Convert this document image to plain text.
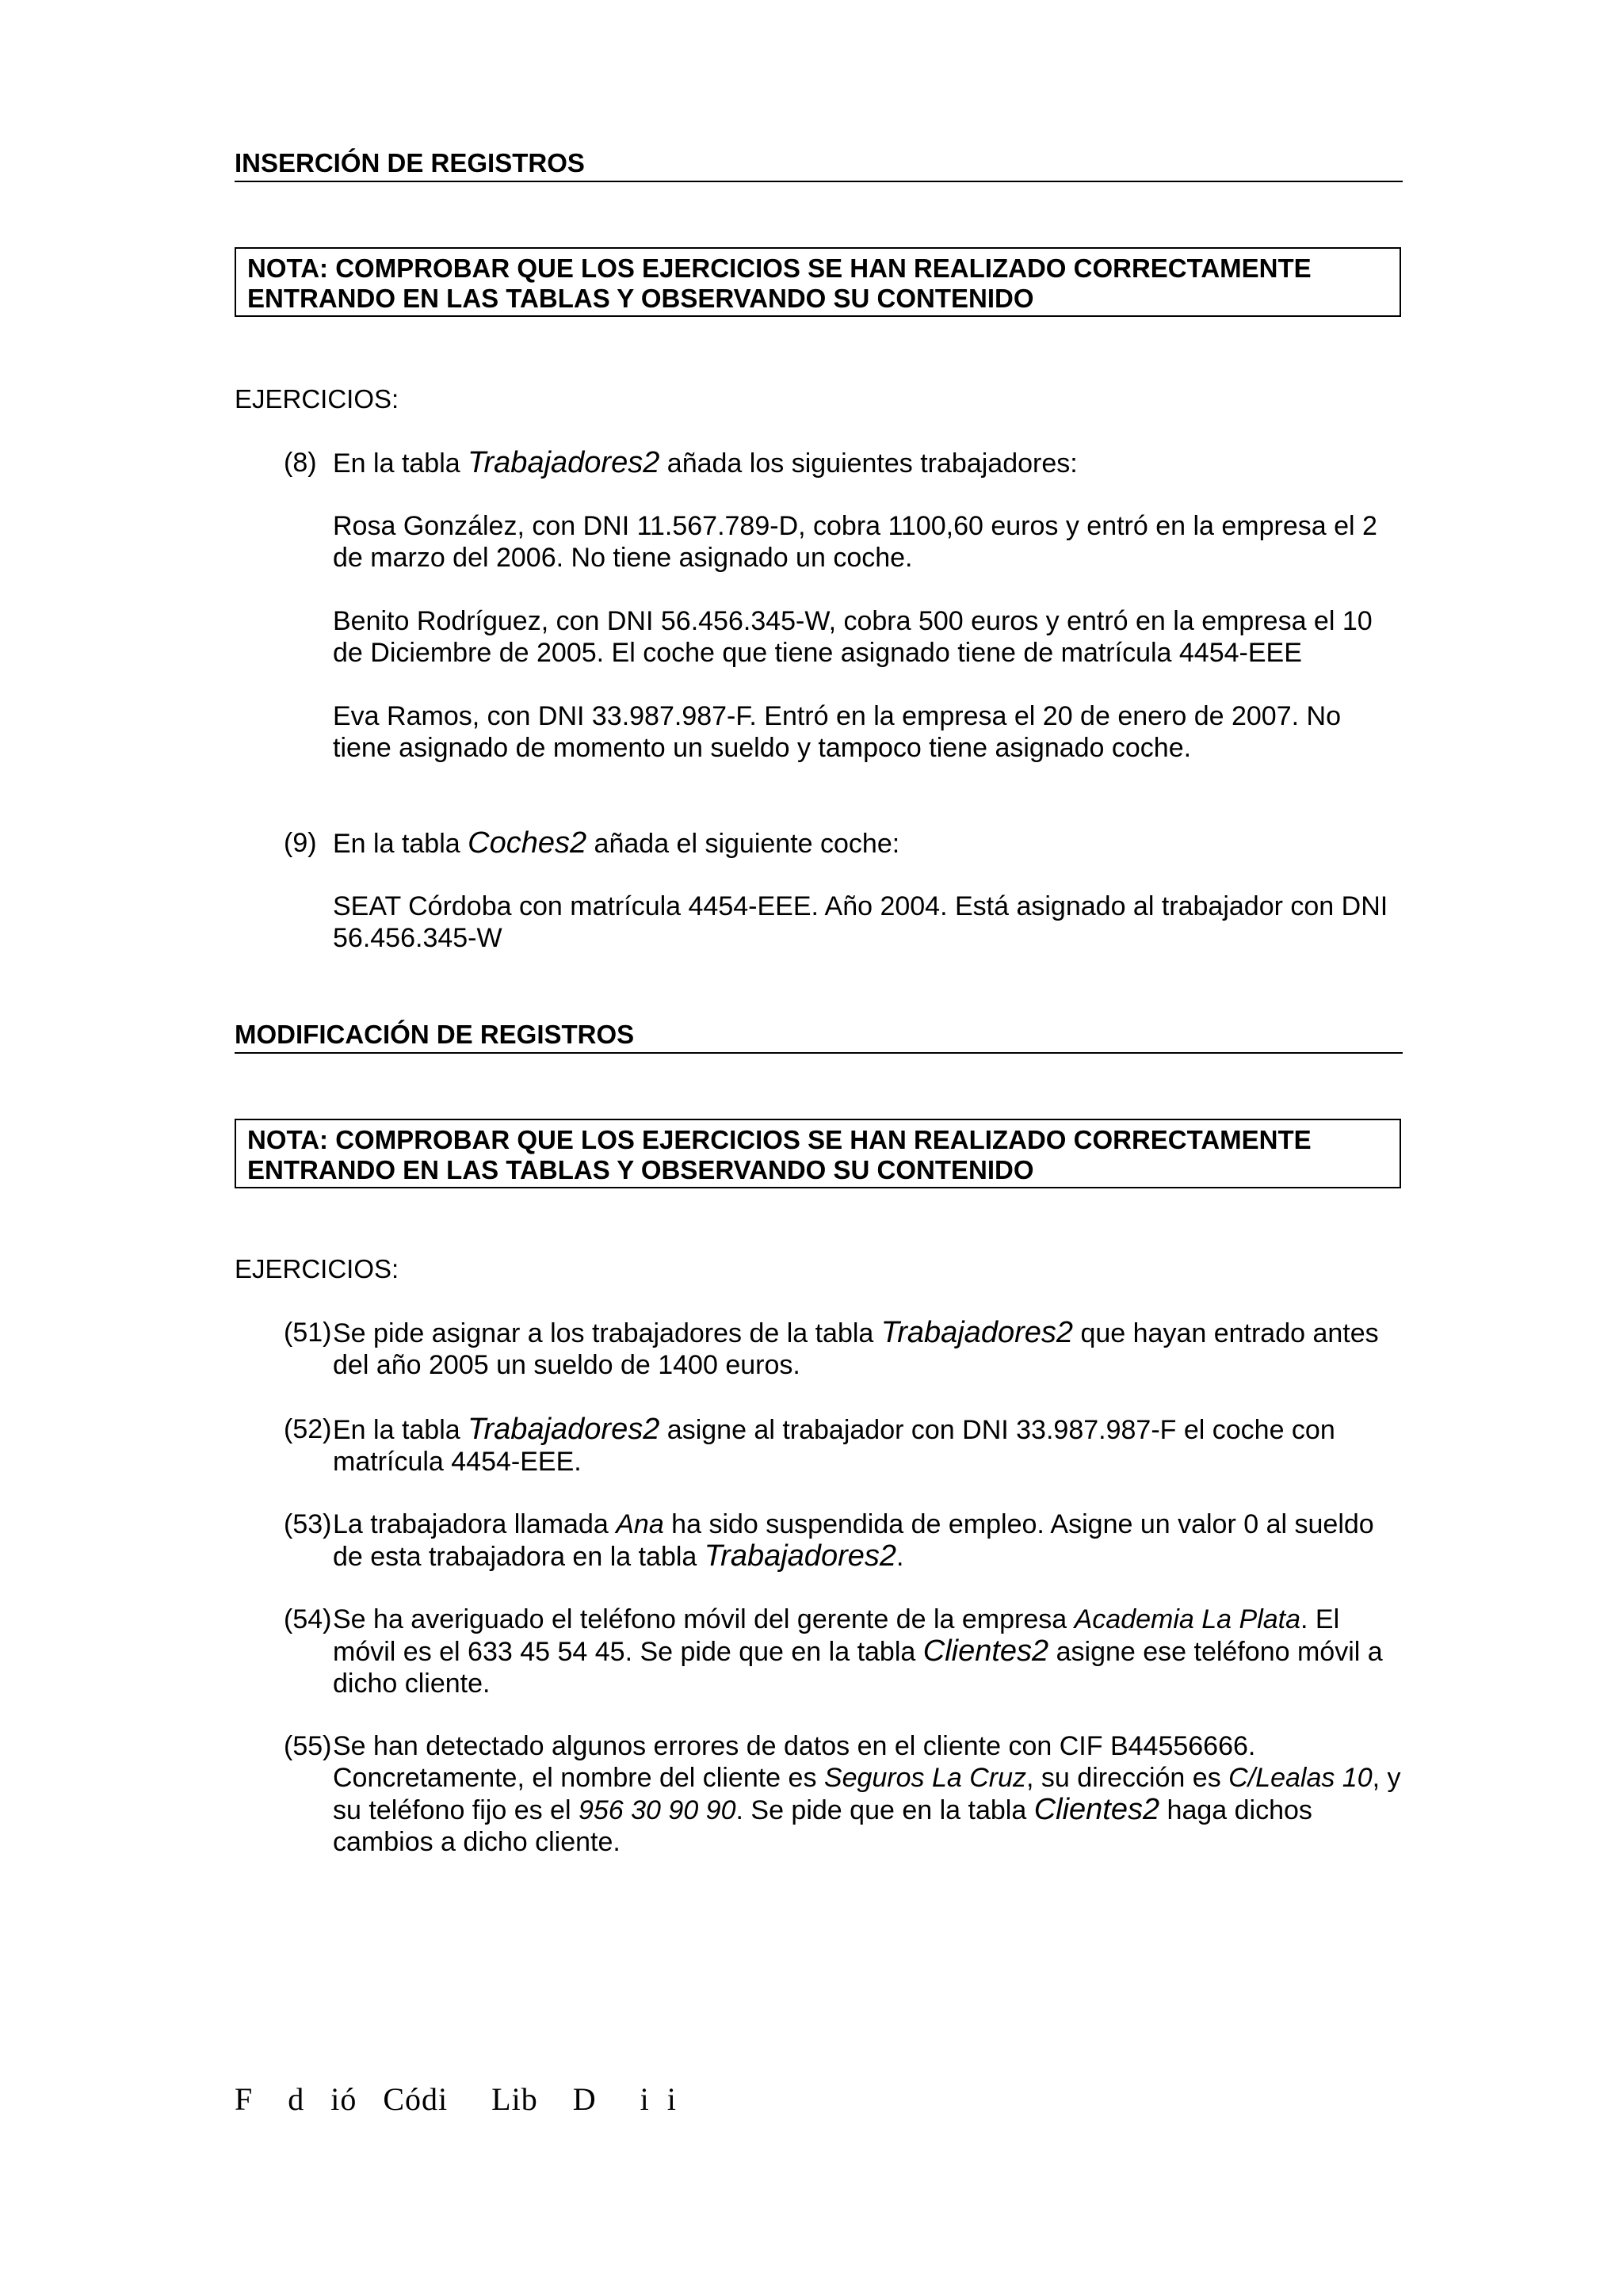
INSERCIÓN DE REGISTROS
NOTA: COMPROBAR QUE LOS EJERCICIOS SE HAN REALIZADO CORRECTAMENTE
ENTRANDO EN LAS TABLAS Y OBSERVANDO SU CONTENIDO
EJERCICIOS:
(8) En la tabla Trabajadores2 añada los siguientes trabajadores:
Rosa González, con DNI 11.567.789-D, cobra 1100,60 euros y entró en la empresa el 2 de marzo del 2006. No tiene asignado un coche.
Benito Rodríguez, con DNI 56.456.345-W, cobra 500 euros y entró en la empresa el 10 de Diciembre de 2005. El coche que tiene asignado tiene de matrícula 4454-EEE
Eva Ramos, con DNI 33.987.987-F. Entró en la empresa el 20 de enero de 2007. No tiene asignado de momento un sueldo y tampoco tiene asignado coche.
(9) En la tabla Coches2 añada el siguiente coche:
SEAT Córdoba con matrícula 4454-EEE. Año 2004. Está asignado al trabajador con DNI 56.456.345-W
MODIFICACIÓN DE REGISTROS
NOTA: COMPROBAR QUE LOS EJERCICIOS SE HAN REALIZADO CORRECTAMENTE
ENTRANDO EN LAS TABLAS Y OBSERVANDO SU CONTENIDO
EJERCICIOS:
(51) Se pide asignar a los trabajadores de la tabla Trabajadores2 que hayan entrado antes del año 2005 un sueldo de 1400 euros.
(52) En la tabla Trabajadores2 asigne al trabajador con DNI 33.987.987-F el coche con matrícula 4454-EEE.
(53) La trabajadora llamada Ana ha sido suspendida de empleo. Asigne un valor 0 al sueldo de esta trabajadora en la tabla Trabajadores2.
(54) Se ha averiguado el teléfono móvil del gerente de la empresa Academia La Plata. El móvil es el 633 45 54 45. Se pide que en la tabla Clientes2 asigne ese teléfono móvil a dicho cliente.
(55) Se han detectado algunos errores de datos en el cliente con CIF B44556666. Concretamente, el nombre del cliente es Seguros La Cruz, su dirección es C/Lealas 10, y su teléfono fijo es el 956 30 90 90. Se pide que en la tabla Clientes2 haga dichos cambios a dicho cliente.
F    d   ió   Códi     Lib    D     i  i
